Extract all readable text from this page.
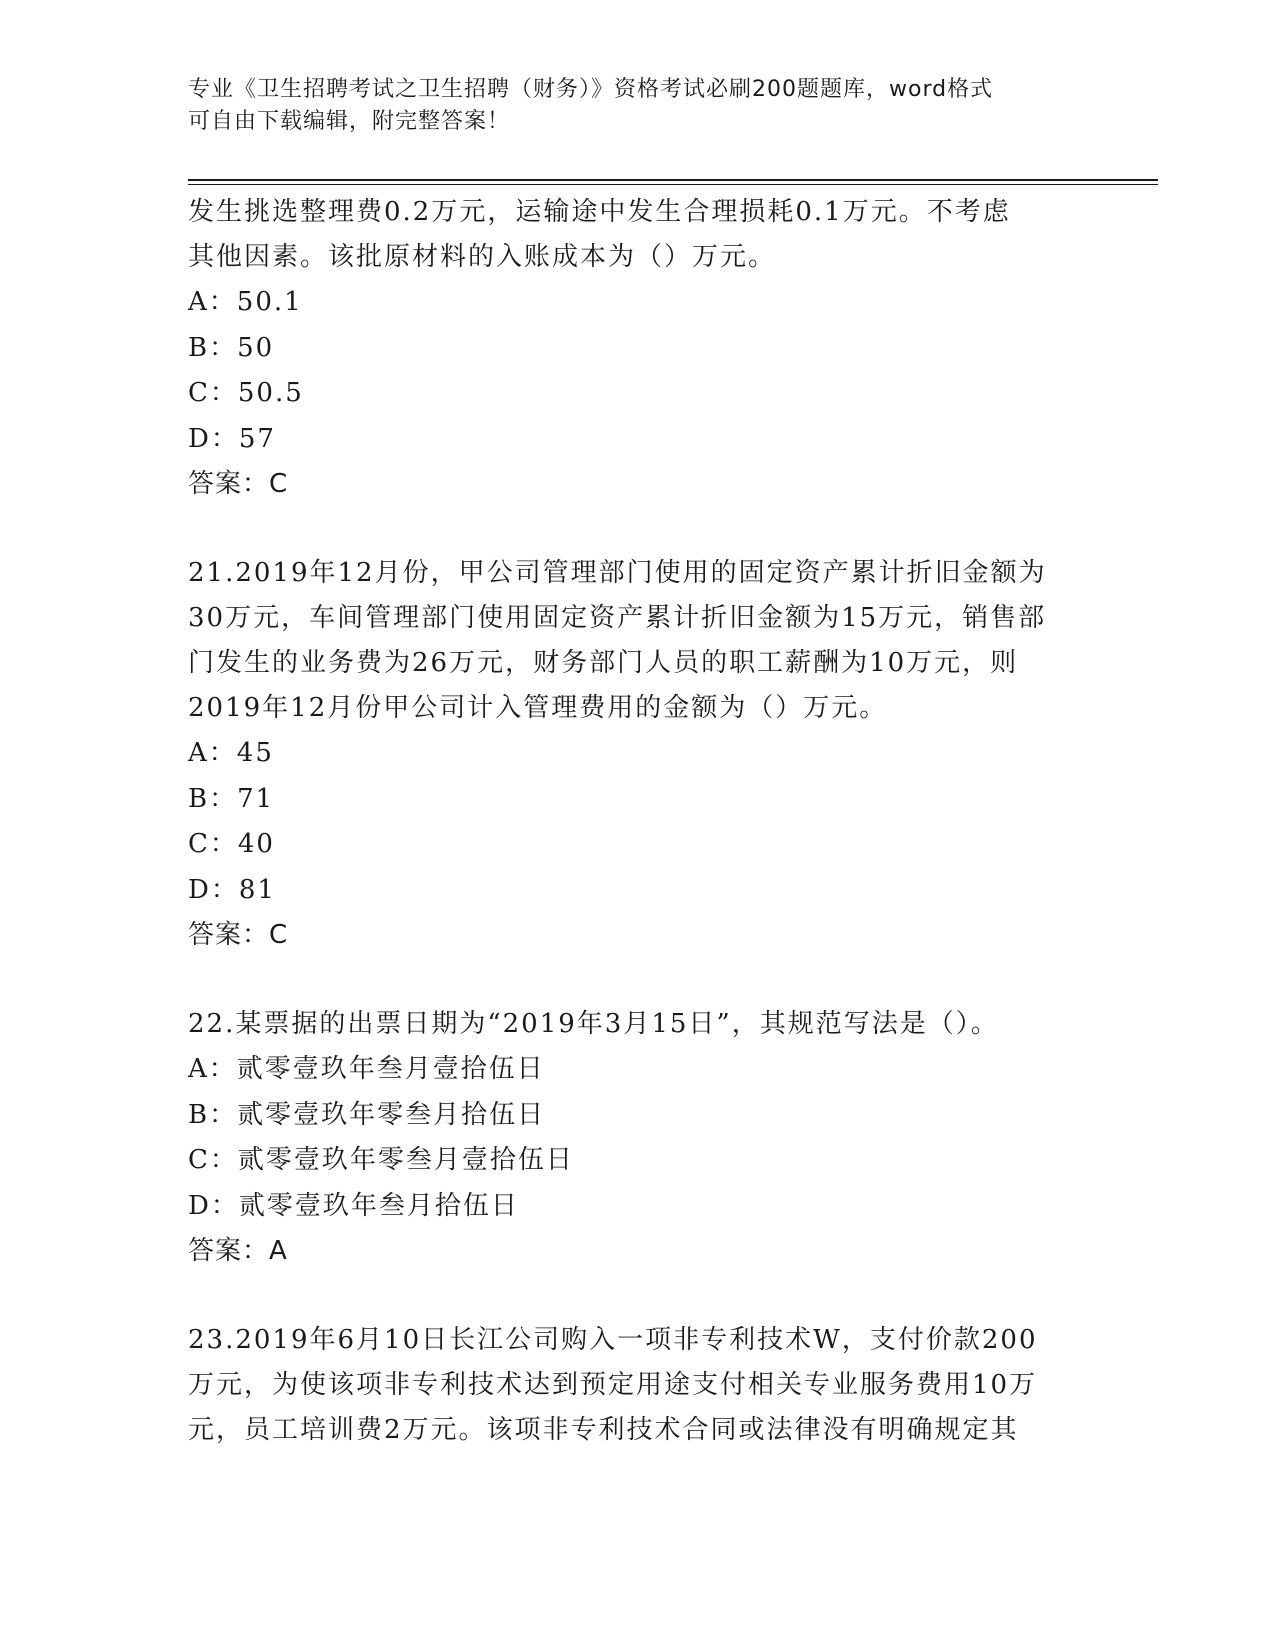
专业《卫生招聘考试之卫生招聘（财务）》资格考试必刷200题题库，word格式
可自由下载编辑，附完整答案！

发生挑选整理费0.2万元，运输途中发生合理损耗0.1万元。不考虑

其他因素。该批原材料的入账成本为（）万元。

A：50.1

B：50

C：50.5

D：57

答案：C

21.2019年12月份，甲公司管理部门使用的固定资产累计折旧金额为

30万元，车间管理部门使用固定资产累计折旧金额为15万元，销售部

门发生的业务费为26万元，财务部门人员的职工薪酬为10万元，则

2019年12月份甲公司计入管理费用的金额为（）万元。

A：45

B：71

C：40

D：81

答案：C

22.某票据的出票日期为“2019年3月15日”，其规范写法是（）。

A：贰零壹玖年叁月壹拾伍日

B：贰零壹玖年零叁月拾伍日

C：贰零壹玖年零叁月壹拾伍日

D：贰零壹玖年叁月拾伍日

答案：A

23.2019年6月10日长江公司购入一项非专利技术W，支付价款200

万元，为使该项非专利技术达到预定用途支付相关专业服务费用10万

元，员工培训费2万元。该项非专利技术合同或法律没有明确规定其
